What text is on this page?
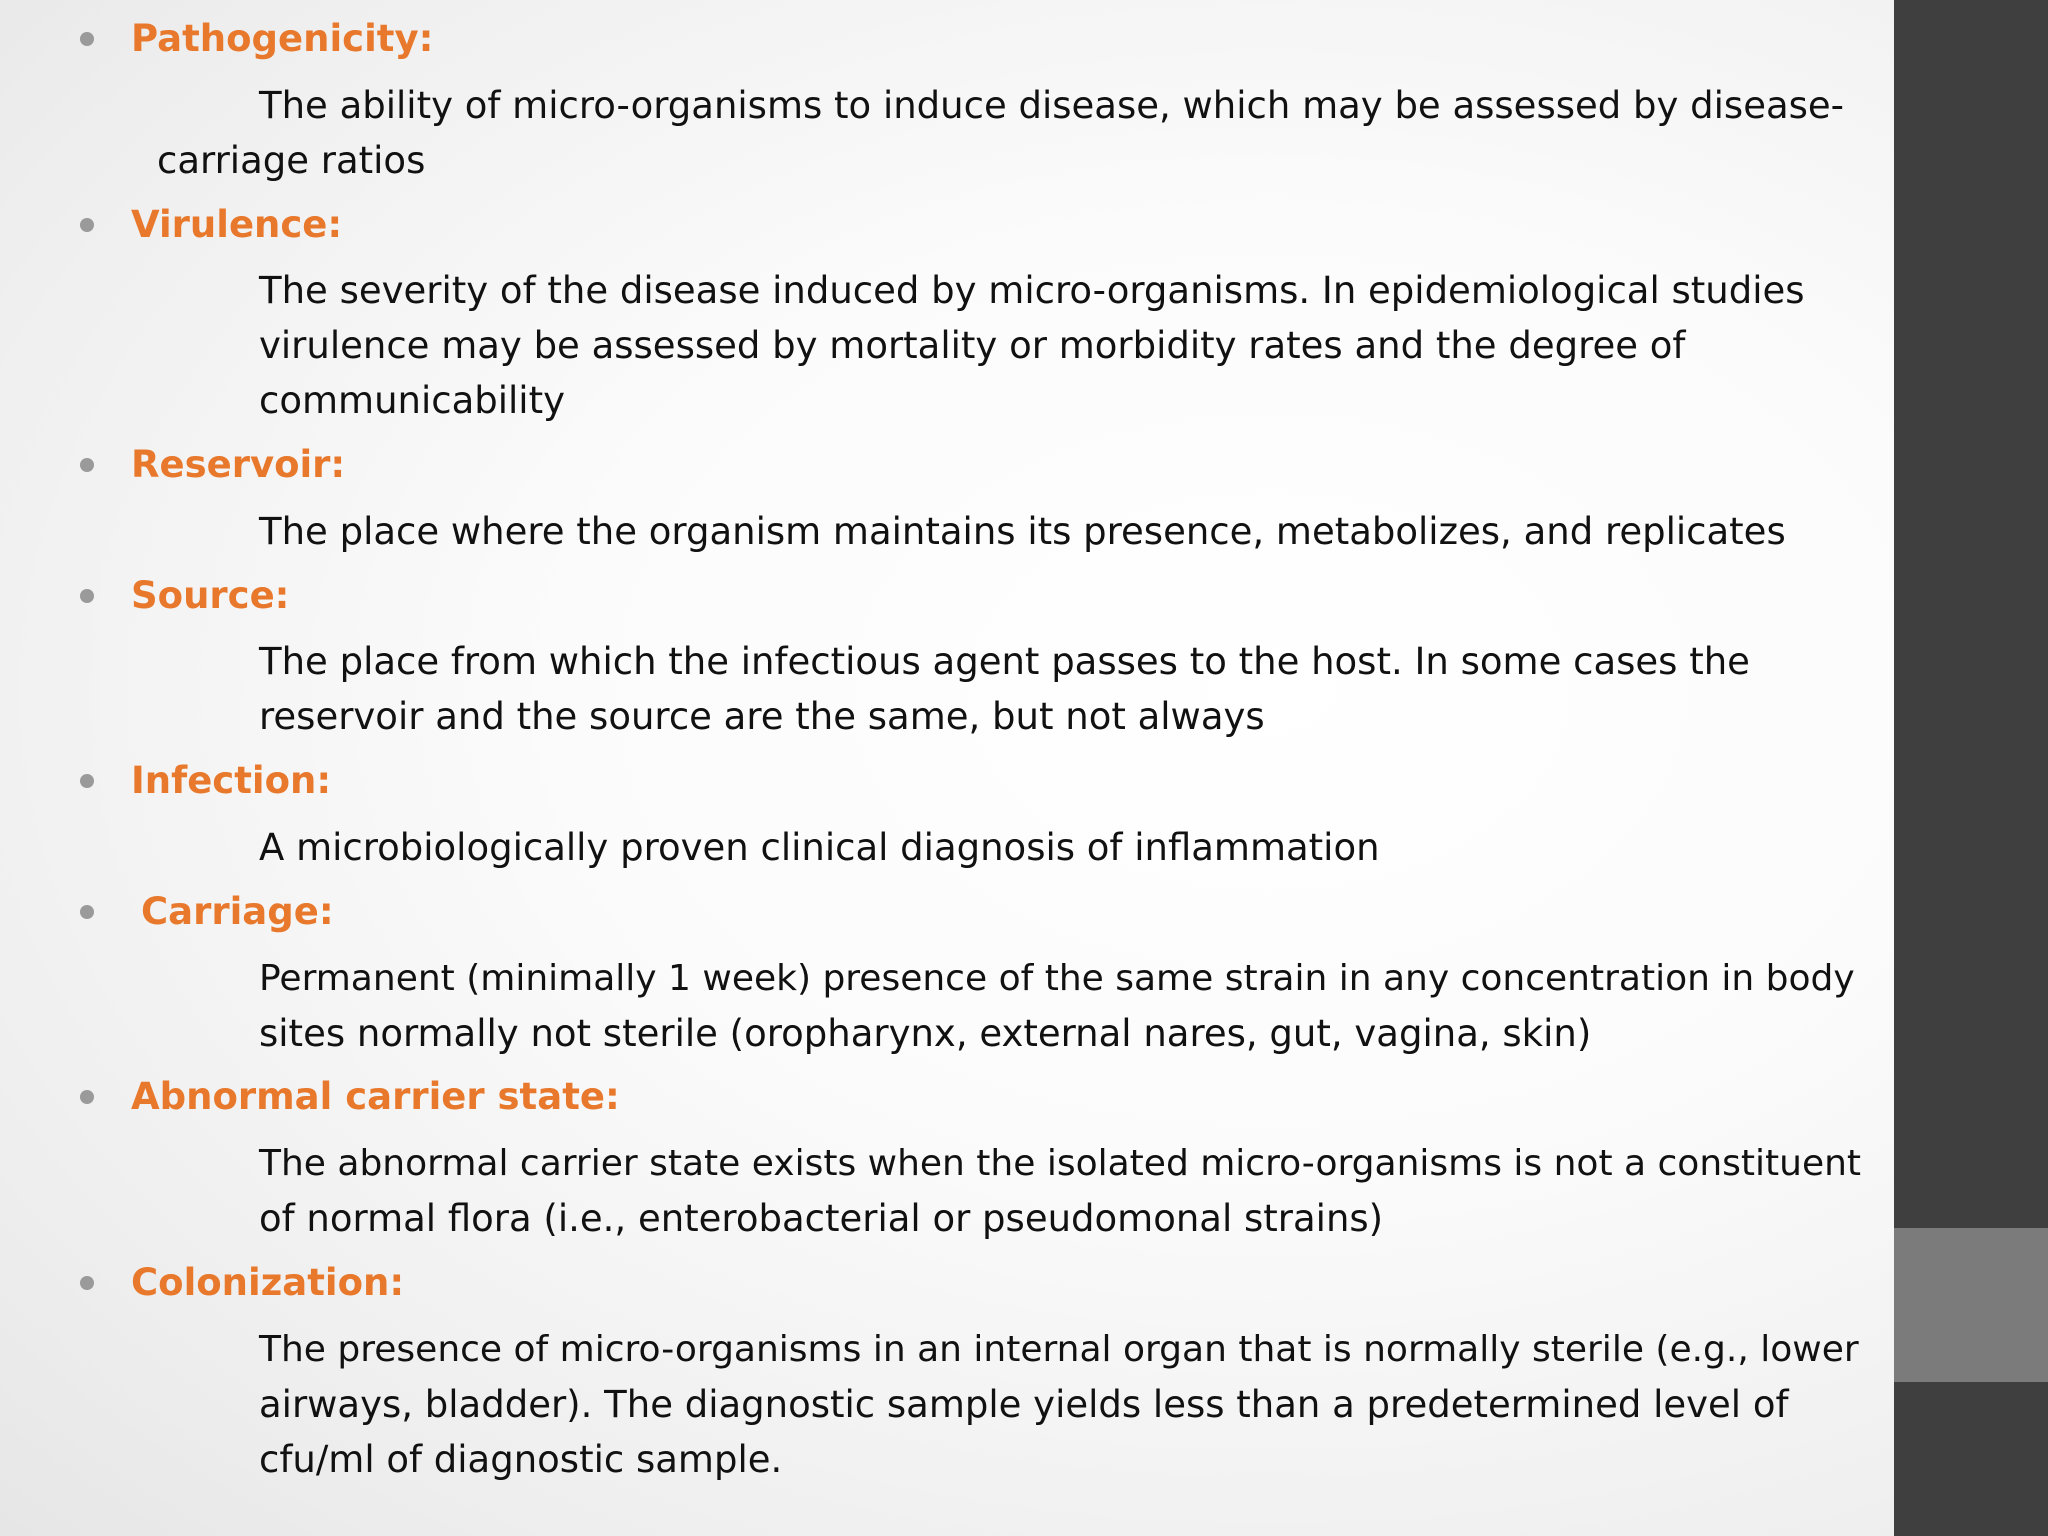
Pathogenicity:
The ability of micro-organisms to induce disease, which may be assessed by disease-
carriage ratios
Virulence:
The severity of the disease induced by micro-organisms. In epidemiological studies
virulence may be assessed by mortality or morbidity rates and the degree of
communicability
Reservoir:
The place where the organism maintains its presence, metabolizes, and replicates
Source:
The place from which the infectious agent passes to the host. In some cases the
reservoir and the source are the same, but not always
Infection:
A microbiologically proven clinical diagnosis of inflammation
Carriage:
Permanent (minimally 1 week) presence of the same strain in any concentration in body
sites normally not sterile (oropharynx, external nares, gut, vagina, skin)
Abnormal carrier state:
The abnormal carrier state exists when the isolated micro-organisms is not a constituent
of normal flora (i.e., enterobacterial or pseudomonal strains)
Colonization:
The presence of micro-organisms in an internal organ that is normally sterile (e.g., lower
airways, bladder). The diagnostic sample yields less than a predetermined level of
cfu/ml of diagnostic sample.
